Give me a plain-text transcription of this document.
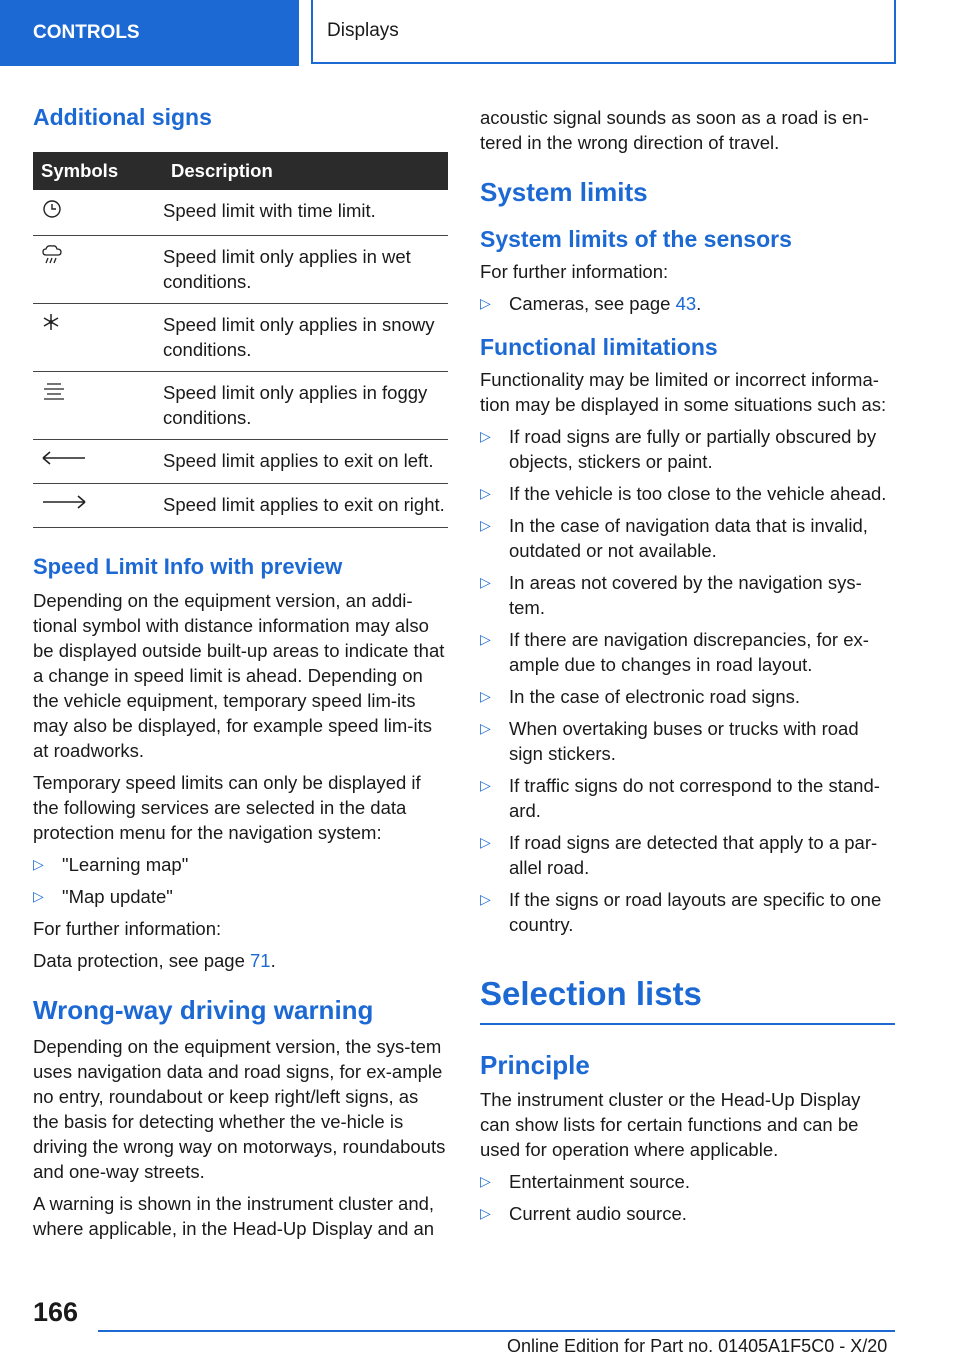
CONTROLS	Displays
Additional signs
Symbols	Description
	Speed limit with time limit.
	Speed limit only applies in wet conditions.
	Speed limit only applies in snowy conditions.
	Speed limit only applies in foggy conditions.
	Speed limit applies to exit on left.
	Speed limit applies to exit on right.
Speed Limit Info with preview

Depending on the equipment version, an addi-tional symbol with distance information may also be displayed outside built-up areas to indicate that a change in speed limit is ahead. Depending on the vehicle equipment, temporary speed lim-its may also be displayed, for example speed lim-its at roadworks.

Temporary speed limits can only be displayed if the following services are selected in the data protection menu for the navigation system:

▷ "Learning map"
▷ "Map update"

For further information:

Data protection, see page 71.

Wrong-way driving warning

Depending on the equipment version, the sys-tem uses navigation data and road signs, for ex-ample no entry, roundabout or keep right/left signs, as the basis for detecting whether the ve-hicle is driving the wrong way on motorways, roundabouts and one-way streets.

A warning is shown in the instrument cluster and, where applicable, in the Head-Up Display and an

acoustic signal sounds as soon as a road is en-tered in the wrong direction of travel.

System limits
System limits of the sensors

For further information:

▷ Cameras, see page 43.
Functional limitations

Functionality may be limited or incorrect informa-tion may be displayed in some situations such as:

▷ If road signs are fully or partially obscured by objects, stickers or paint.
▷ If the vehicle is too close to the vehicle ahead.
▷ In the case of navigation data that is invalid, outdated or not available.
▷ In areas not covered by the navigation sys-tem.
▷ If there are navigation discrepancies, for ex-ample due to changes in road layout.
▷ In the case of electronic road signs.
▷ When overtaking buses or trucks with road sign stickers.
▷ If traffic signs do not correspond to the stand-ard.
▷ If road signs are detected that apply to a par-allel road.
▷ If the signs or road layouts are specific to one country.
Selection lists
Principle

The instrument cluster or the Head-Up Display can show lists for certain functions and can be used for operation where applicable.

▷ Entertainment source.
▷ Current audio source.
166
Online Edition for Part no. 01405A1F5C0 - X/20
